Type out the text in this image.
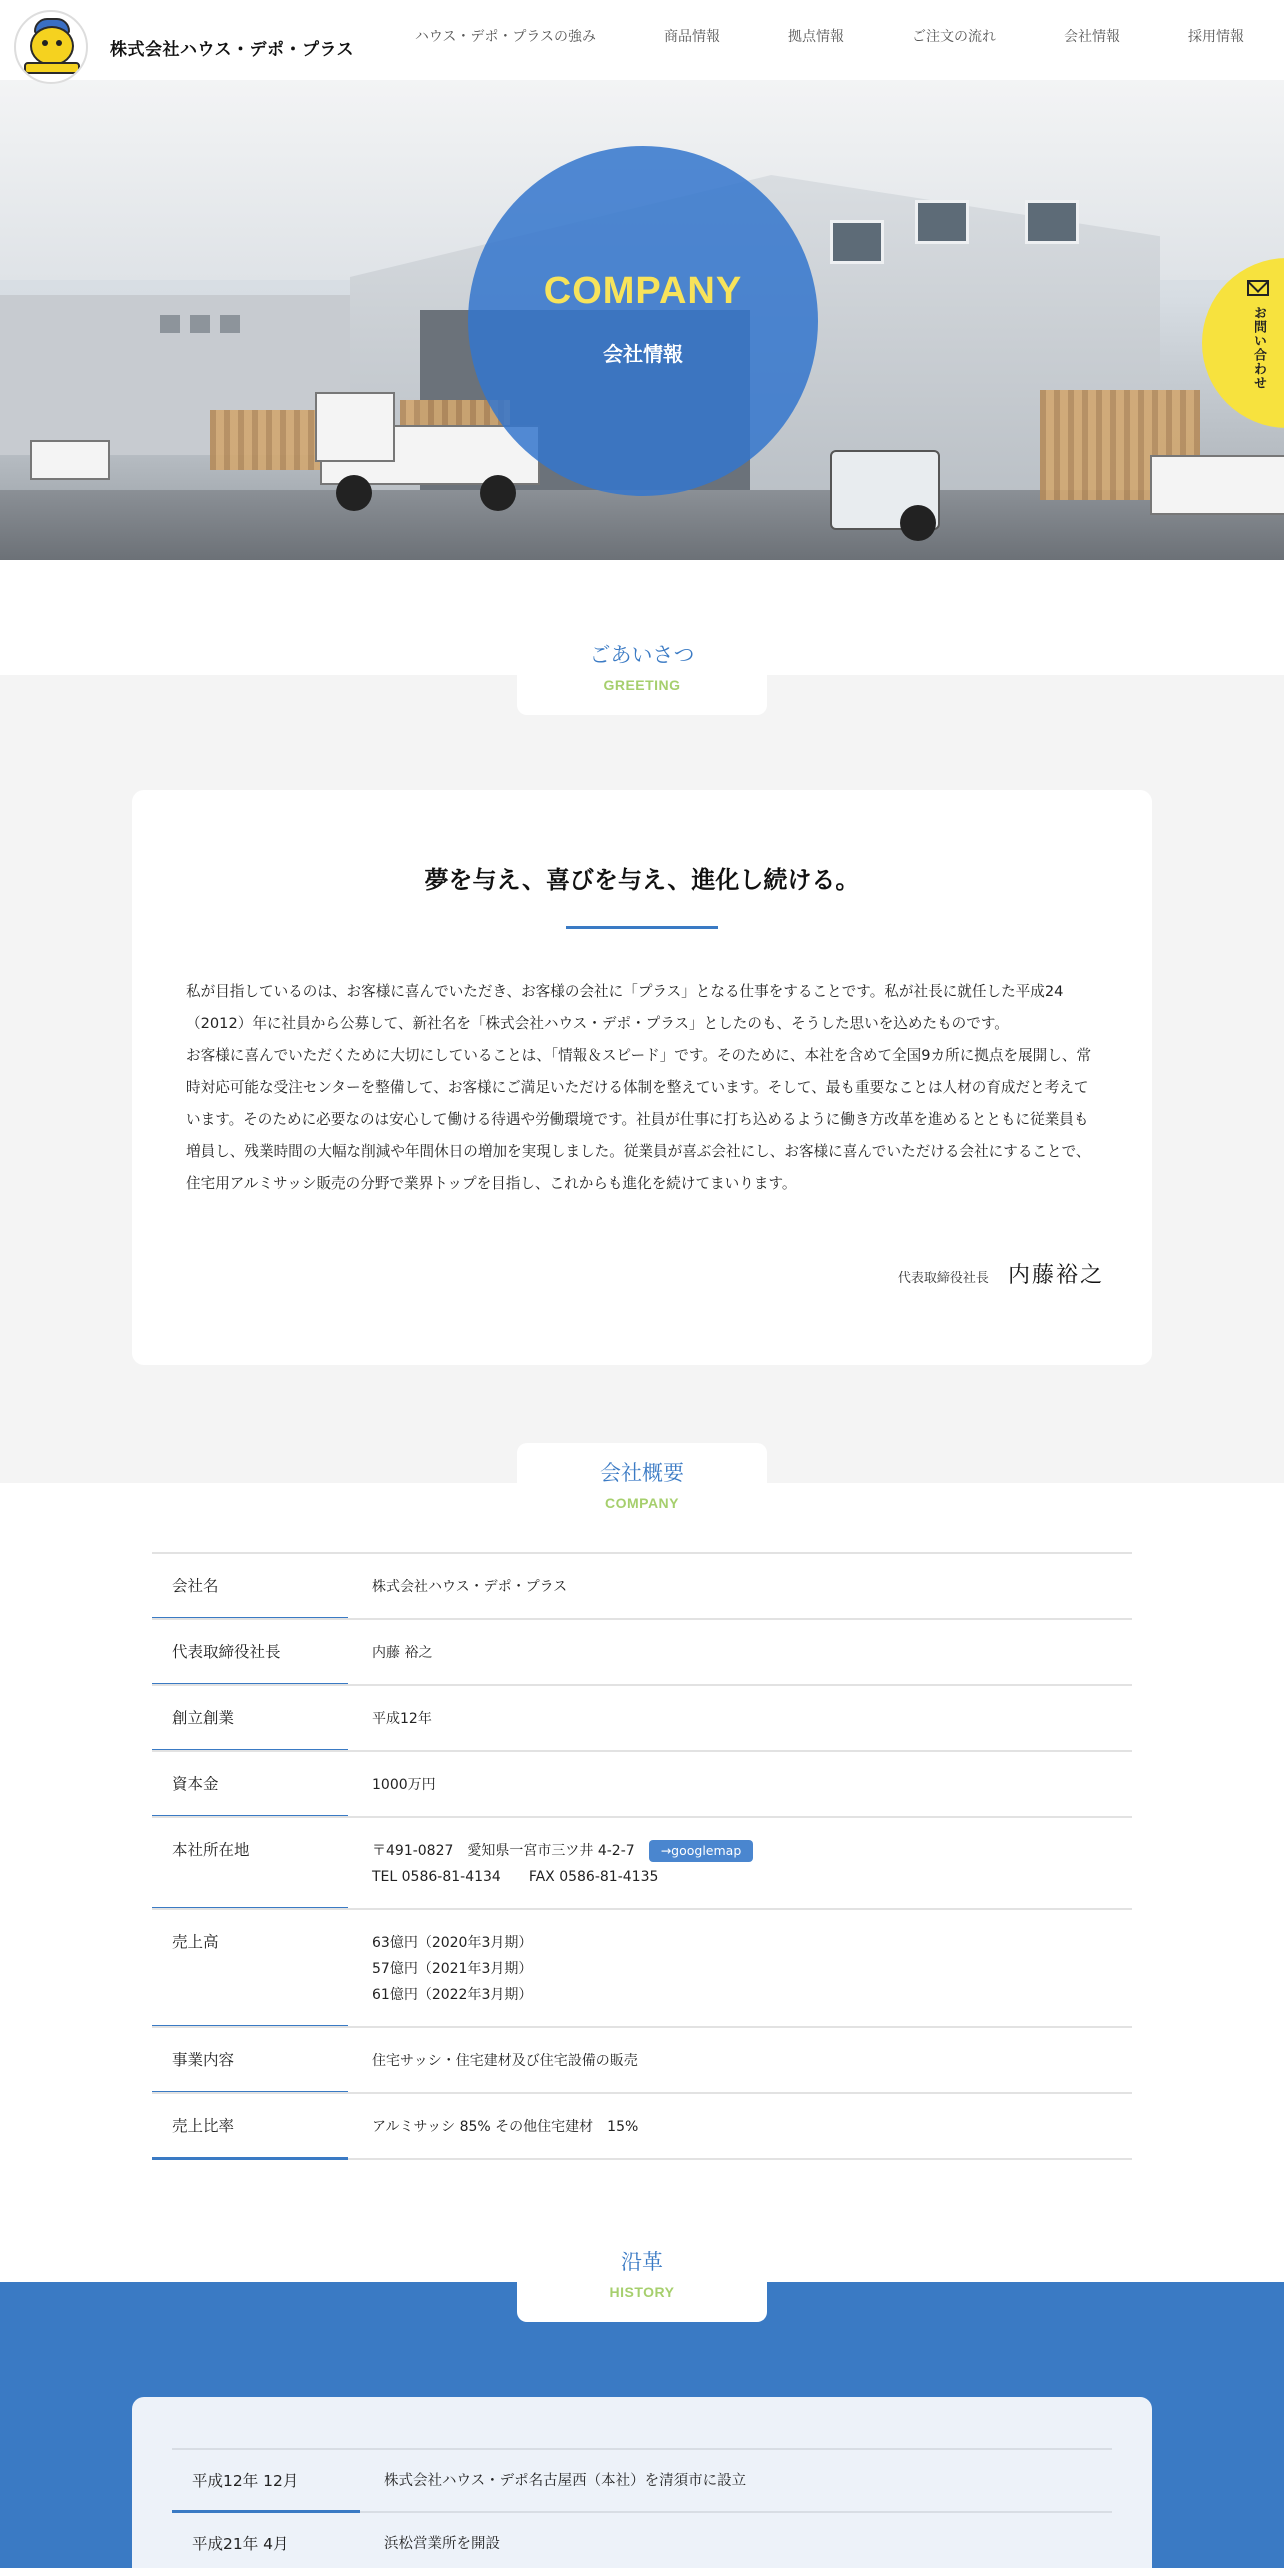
株式会社ハウス・デポ・プラス
ハウス・デポ・プラスの強み	商品情報	拠点情報	ご注文の流れ	会社情報	採用情報
COMPANY
会社情報	お問い合わせ
ごあいさつ
GREETING
夢を与え、喜びを与え、進化し続ける。

私が目指しているのは、お客様に喜んでいただき、お客様の会社に「プラス」となる仕事をすることです。私が社長に就任した平成24（2012）年に社員から公募して、新社名を「株式会社ハウス・デポ・プラス」としたのも、そうした思いを込めたものです。

お客様に喜んでいただくために大切にしていることは、「情報＆スピード」です。そのために、本社を含めて全国9カ所に拠点を展開し、常時対応可能な受注センターを整備して、お客様にご満足いただける体制を整えています。そして、最も重要なことは人材の育成だと考えています。そのために必要なのは安心して働ける待遇や労働環境です。社員が仕事に打ち込めるように働き方改革を進めるとともに従業員も増員し、残業時間の大幅な削減や年間休日の増加を実現しました。従業員が喜ぶ会社にし、お客様に喜んでいただける会社にすることで、住宅用アルミサッシ販売の分野で業界トップを目指し、これからも進化を続けてまいります。

代表取締役社長 内藤裕之
会社概要
COMPANY
会社名	株式会社ハウス・デポ・プラス
代表取締役社長	内藤 裕之
創立創業	平成12年
資本金	1000万円
本社所在地	〒491-0827　愛知県一宮市三ツ井 4-2-7 →googlemap
TEL 0586-81-4134　　FAX 0586-81-4135
売上高	63億円（2020年3月期）
57億円（2021年3月期）
61億円（2022年3月期）
事業内容	住宅サッシ・住宅建材及び住宅設備の販売
売上比率	アルミサッシ 85% その他住宅建材　15%
沿革
HISTORY
平成12年 12月	株式会社ハウス・デポ名古屋西（本社）を清須市に設立
平成21年 4月	浜松営業所を開設
